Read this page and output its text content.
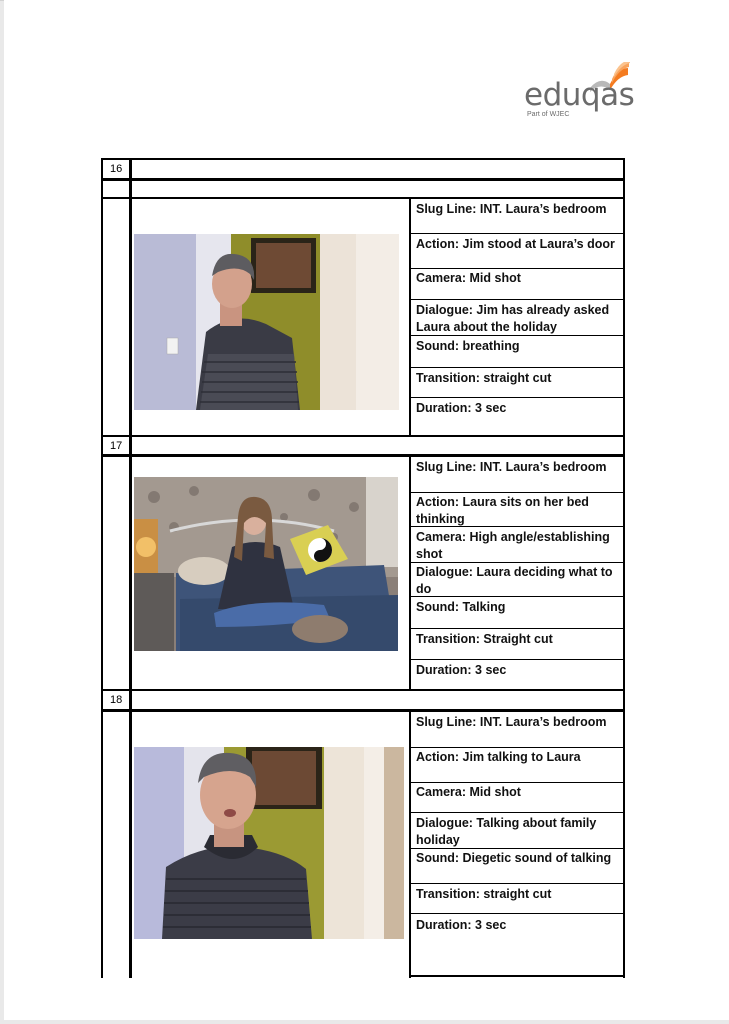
eduqas
Part of WJEC
16
17
18
Slug Line: INT. Laura’s bedroom
Action: Jim stood at Laura’s door
Camera: Mid shot
Dialogue: Jim has already asked Laura about the holiday
Sound: breathing
Transition: straight cut
Duration: 3 sec
Slug Line: INT. Laura’s bedroom
Action: Laura sits on her bed thinking
Camera: High angle/establishing shot
Dialogue: Laura deciding what to do
Sound: Talking
Transition: Straight cut
Duration: 3 sec
Slug Line: INT. Laura’s bedroom
Action: Jim talking to Laura
Camera: Mid shot
Dialogue: Talking about family holiday
Sound: Diegetic sound of talking
Transition: straight cut
Duration: 3 sec
